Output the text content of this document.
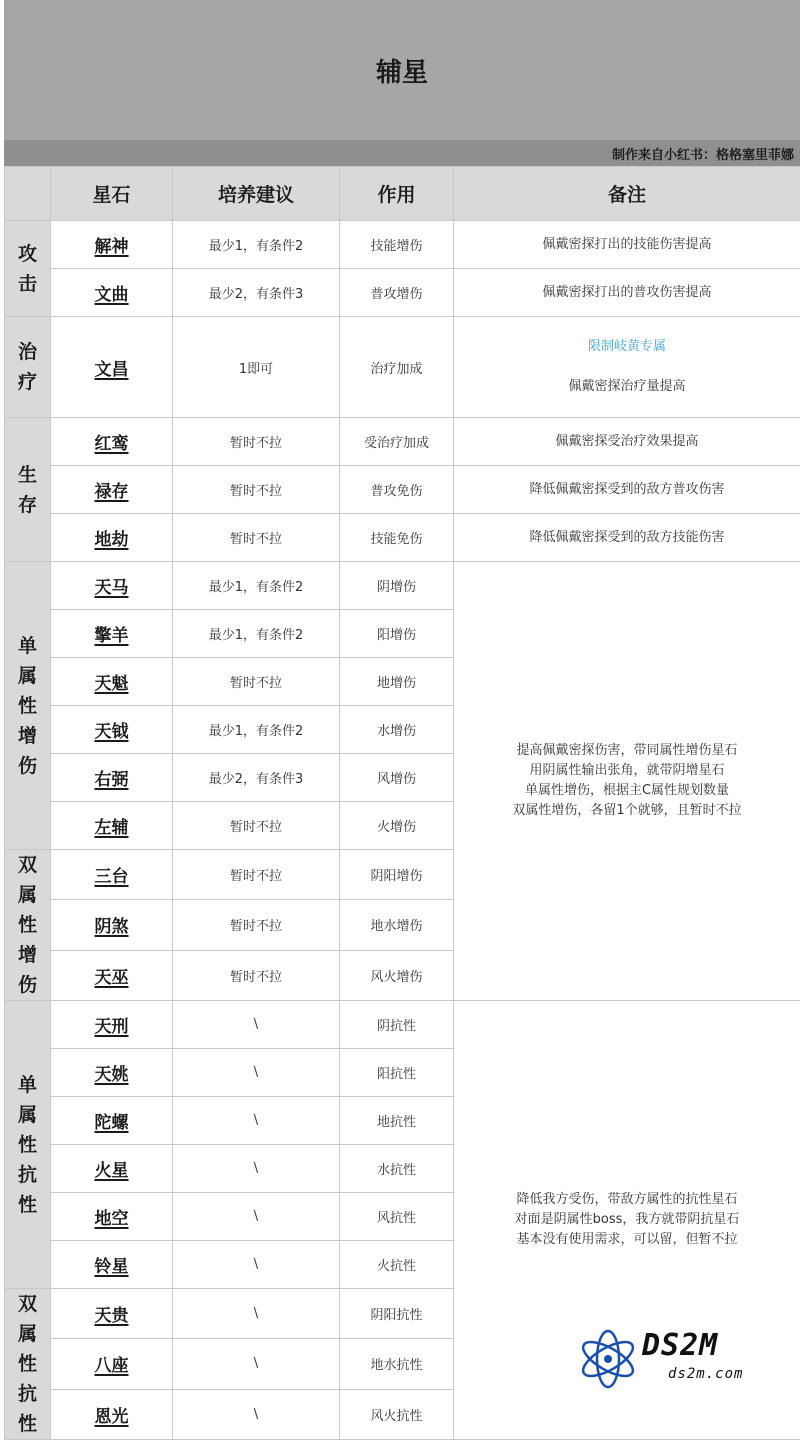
辅星
制作来自小红书：格格塞里菲娜
	星石	培养建议	作用	备注
攻击	解神	最少1，有条件2	技能增伤	佩戴密探打出的技能伤害提高
	文曲	最少2，有条件3	普攻增伤	佩戴密探打出的普攻伤害提高
治疗	文昌	1即可	治疗加成	限制岐黄专属

佩戴密探治疗量提高

生存	红鸾	暂时不拉	受治疗加成	佩戴密探受治疗效果提高
	禄存	暂时不拉	普攻免伤	降低佩戴密探受到的敌方普攻伤害
	地劫	暂时不拉	技能免伤	降低佩戴密探受到的敌方技能伤害
单属性增伤	天马	最少1，有条件2	阴增伤	提高佩戴密探伤害，带同属性增伤星石
用阴属性输出张角，就带阴增星石
单属性增伤，根据主C属性规划数量
双属性增伤，各留1个就够，且暂时不拉
	擎羊	最少1，有条件2	阳增伤	
	天魁	暂时不拉	地增伤	
	天钺	最少1，有条件2	水增伤	
	右弼	最少2，有条件3	风增伤	
	左辅	暂时不拉	火增伤	
双属性增伤	三台	暂时不拉	阴阳增伤	
	阴煞	暂时不拉	地水增伤	
	天巫	暂时不拉	风火增伤	
单属性抗性	天刑	\	阴抗性	降低我方受伤，带敌方属性的抗性星石
对面是阴属性boss，我方就带阴抗星石
基本没有使用需求，可以留，但暂不拉
	天姚	\	阳抗性	
	陀螺	\	地抗性	
	火星	\	水抗性	
	地空	\	风抗性	
	铃星	\	火抗性	
双属性抗性	天贵	\	阴阳抗性	
	八座	\	地水抗性	
	恩光	\	风火抗性	
DS2M
ds2m.com
